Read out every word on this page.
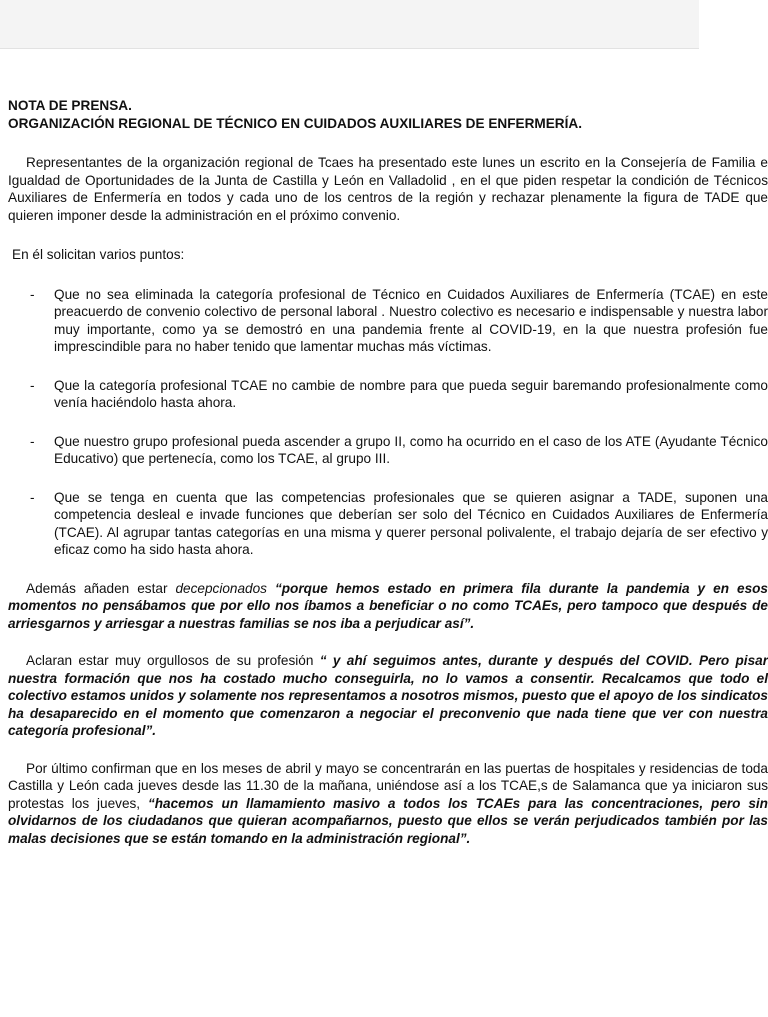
NOTA DE PRENSA.

ORGANIZACIÓN REGIONAL DE TÉCNICO EN CUIDADOS AUXILIARES DE ENFERMERÍA.

Representantes de la organización regional de Tcaes ha presentado este lunes un escrito en la Consejería de Familia e Igualdad de Oportunidades de la Junta de Castilla y León en Valladolid , en el que piden respetar la condición de Técnicos Auxiliares de Enfermería en todos y cada uno de los centros de la región y rechazar plenamente la figura de TADE que quieren imponer desde la administración en el próximo convenio.

En él solicitan varios puntos:

- Que no sea eliminada la categoría profesional de Técnico en Cuidados Auxiliares de Enfermería (TCAE) en este preacuerdo de convenio colectivo de personal laboral . Nuestro colectivo es necesario e indispensable y nuestra labor muy importante, como ya se demostró en una pandemia frente al COVID-19, en la que nuestra profesión fue imprescindible para no haber tenido que lamentar muchas más víctimas.
- Que la categoría profesional TCAE no cambie de nombre para que pueda seguir baremando profesionalmente como venía haciéndolo hasta ahora.
- Que nuestro grupo profesional pueda ascender a grupo II, como ha ocurrido en el caso de los ATE (Ayudante Técnico Educativo) que pertenecía, como los TCAE, al grupo III.
- Que se tenga en cuenta que las competencias profesionales que se quieren asignar a TADE, suponen una competencia desleal e invade funciones que deberían ser solo del Técnico en Cuidados Auxiliares de Enfermería (TCAE). Al agrupar tantas categorías en una misma y querer personal polivalente, el trabajo dejaría de ser efectivo y eficaz como ha sido hasta ahora.

Además añaden estar decepcionados “porque hemos estado en primera fila durante la pandemia y en esos momentos no pensábamos que por ello nos íbamos a beneficiar o no como TCAEs, pero tampoco que después de arriesgarnos y arriesgar a nuestras familias se nos iba a perjudicar así”.

Aclaran estar muy orgullosos de su profesión “ y ahí seguimos antes, durante y después del COVID. Pero pisar nuestra formación que nos ha costado mucho conseguirla, no lo vamos a consentir. Recalcamos que todo el colectivo estamos unidos y solamente nos representamos a nosotros mismos, puesto que el apoyo de los sindicatos ha desaparecido en el momento que comenzaron a negociar el preconvenio que nada tiene que ver con nuestra categoría profesional”.

Por último confirman que en los meses de abril y mayo se concentrarán en las puertas de hospitales y residencias de toda Castilla y León cada jueves desde las 11.30 de la mañana, uniéndose así a los TCAE,s de Salamanca que ya iniciaron sus protestas los jueves, “hacemos un llamamiento masivo a todos los TCAEs para las concentraciones, pero sin olvidarnos de los ciudadanos que quieran acompañarnos, puesto que ellos se verán perjudicados también por las malas decisiones que se están tomando en la administración regional”.
